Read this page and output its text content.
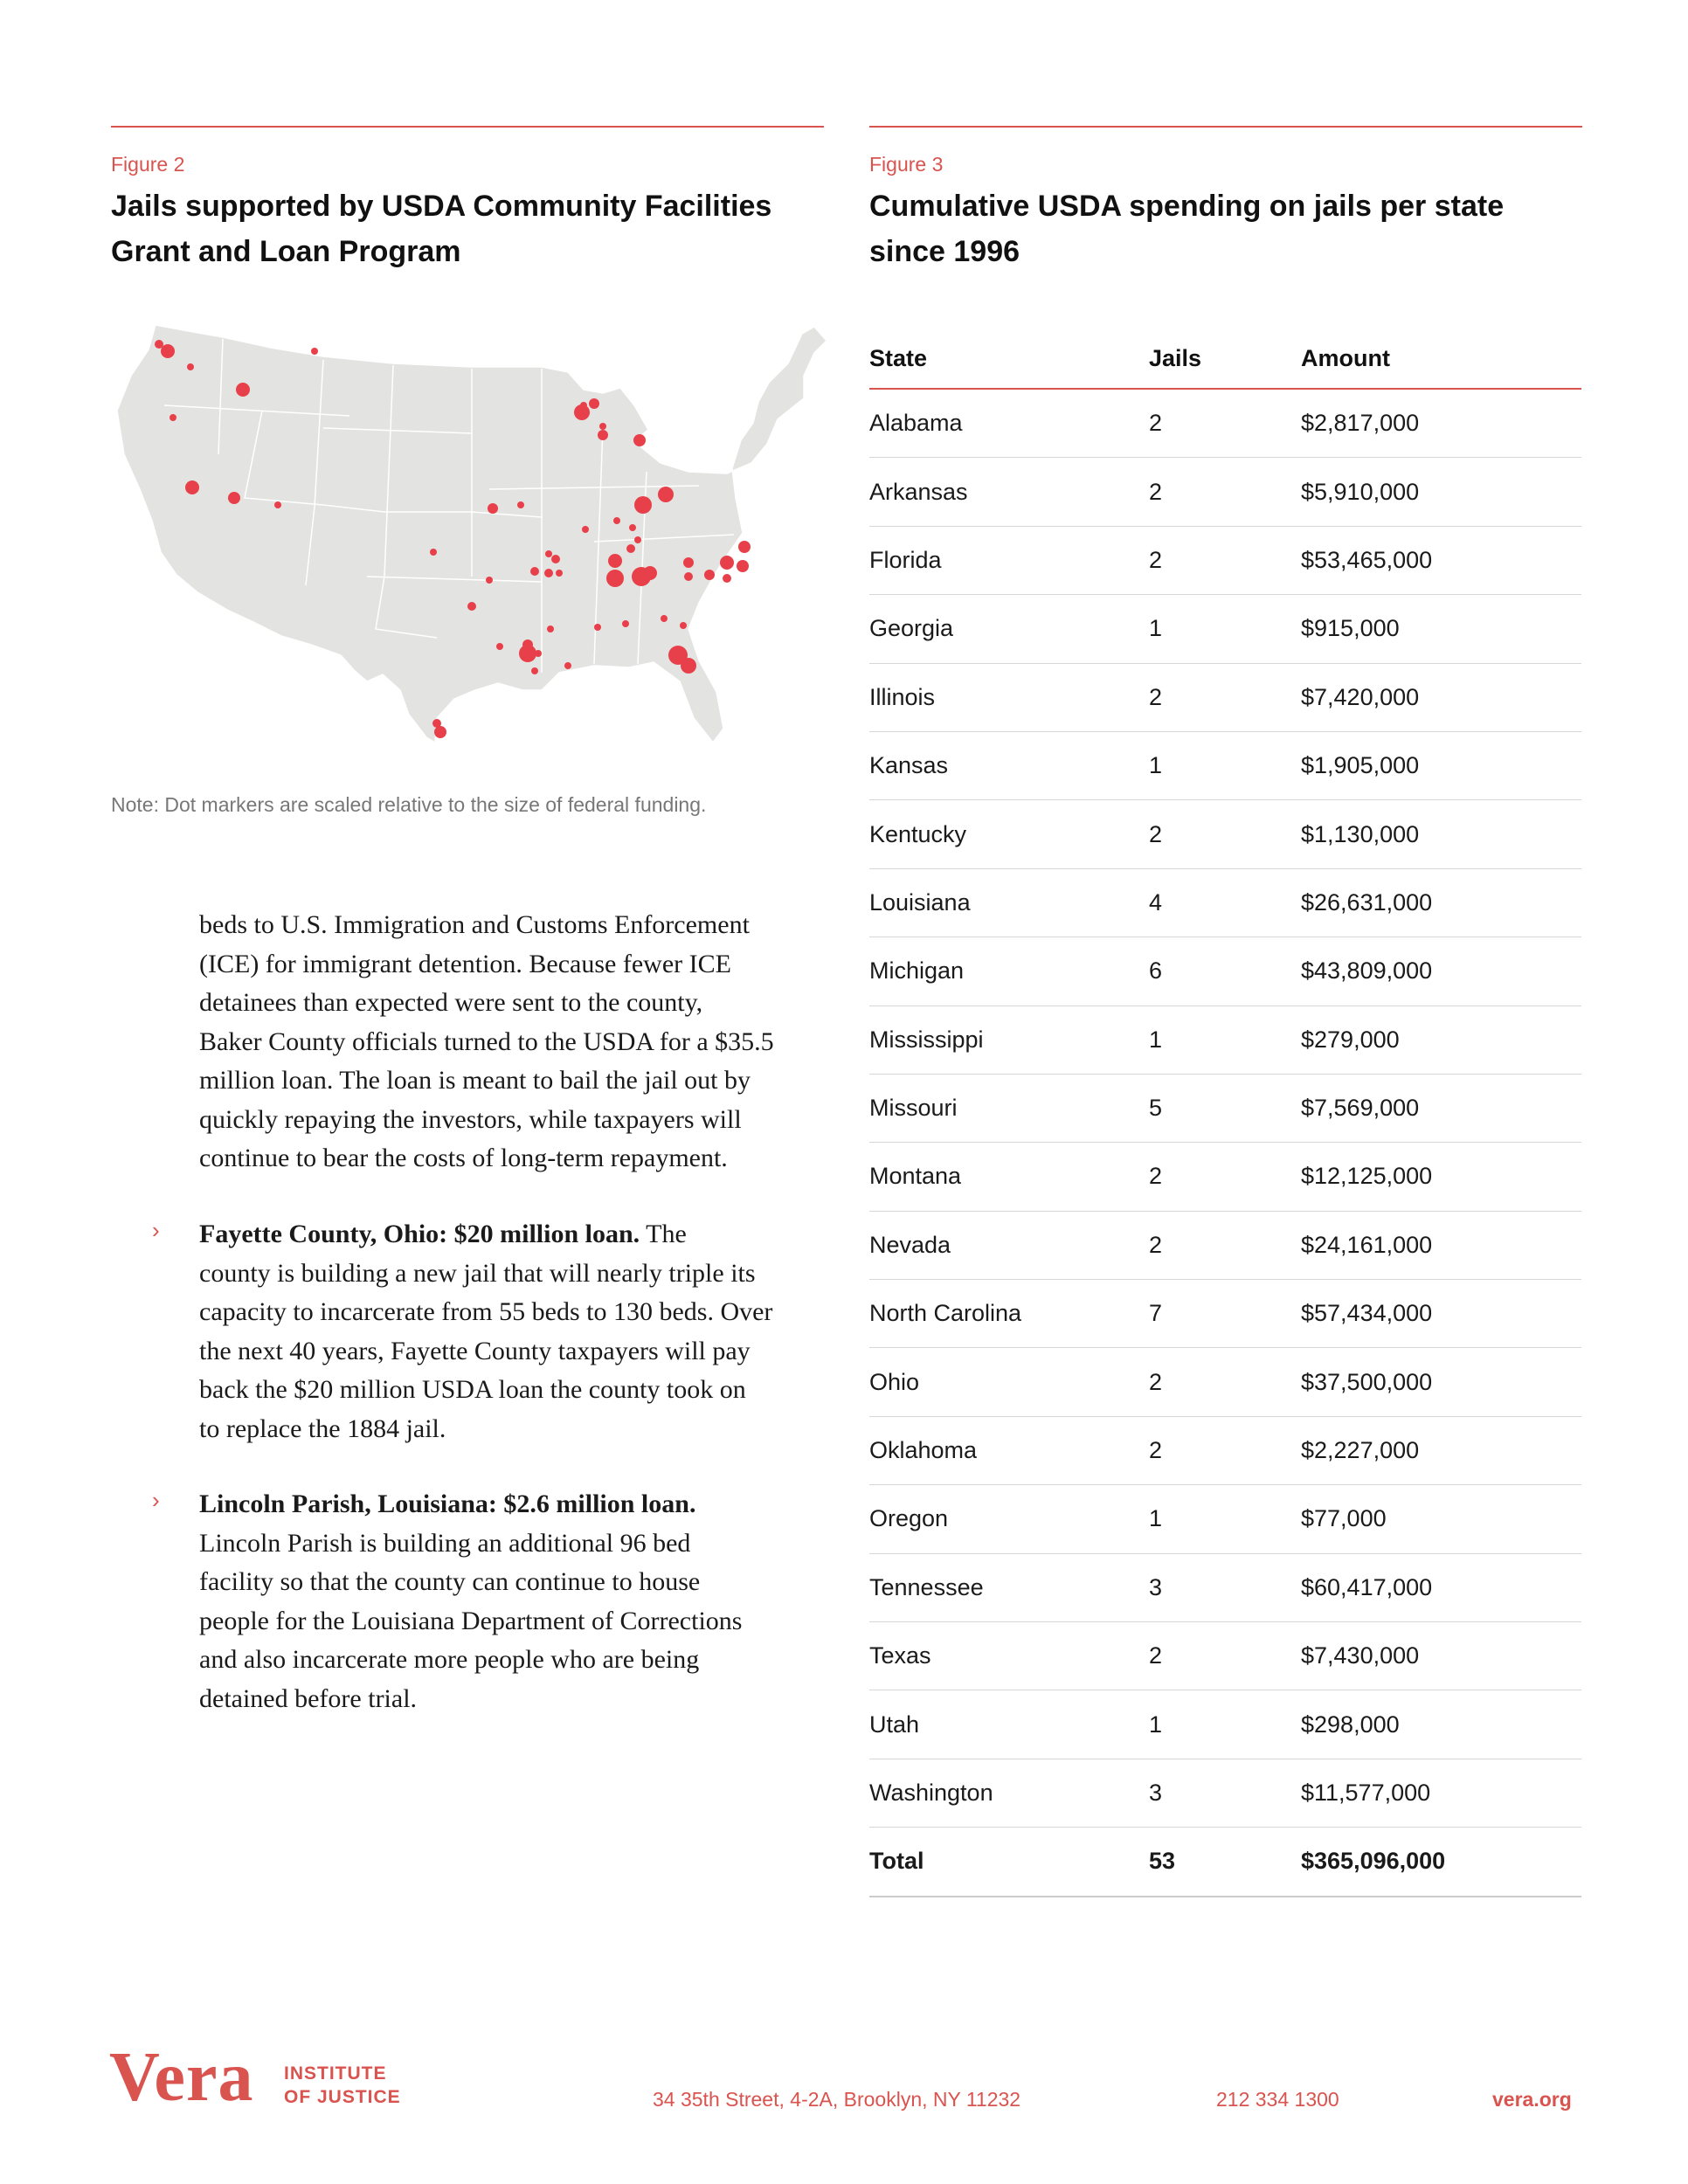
Figure 2
Jails supported by USDA Community Facilities
Grant and Loan Program
Figure 3
Cumulative USDA spending on jails per state
since 1996
Note: Dot markers are scaled relative to the size of federal funding.
beds to U.S. Immigration and Customs Enforcement
(ICE) for immigrant detention. Because fewer ICE
detainees than expected were sent to the county,
Baker County officials turned to the USDA for a $35.5
million loan. The loan is meant to bail the jail out by
quickly repaying the investors, while taxpayers will
continue to bear the costs of long-term repayment.
› Fayette County, Ohio: $20 million loan. The
county is building a new jail that will nearly triple its
capacity to incarcerate from 55 beds to 130 beds. Over
the next 40 years, Fayette County taxpayers will pay
back the $20 million USDA loan the county took on
to replace the 1884 jail.
› Lincoln Parish, Louisiana: $2.6 million loan.
Lincoln Parish is building an additional 96 bed
facility so that the county can continue to house
people for the Louisiana Department of Corrections
and also incarcerate more people who are being
detained before trial.
State	Jails	Amount
Alabama	2	$2,817,000
Arkansas	2	$5,910,000
Florida	2	$53,465,000
Georgia	1	$915,000
Illinois	2	$7,420,000
Kansas	1	$1,905,000
Kentucky	2	$1,130,000
Louisiana	4	$26,631,000
Michigan	6	$43,809,000
Mississippi	1	$279,000
Missouri	5	$7,569,000
Montana	2	$12,125,000
Nevada	2	$24,161,000
North Carolina	7	$57,434,000
Ohio	2	$37,500,000
Oklahoma	2	$2,227,000
Oregon	1	$77,000
Tennessee	3	$60,417,000
Texas	2	$7,430,000
Utah	1	$298,000
Washington	3	$11,577,000
Total	53	$365,096,000
Vera INSTITUTE
OF JUSTICE	34 35th Street, 4-2A, Brooklyn, NY 11232	212 334 1300	vera.org
